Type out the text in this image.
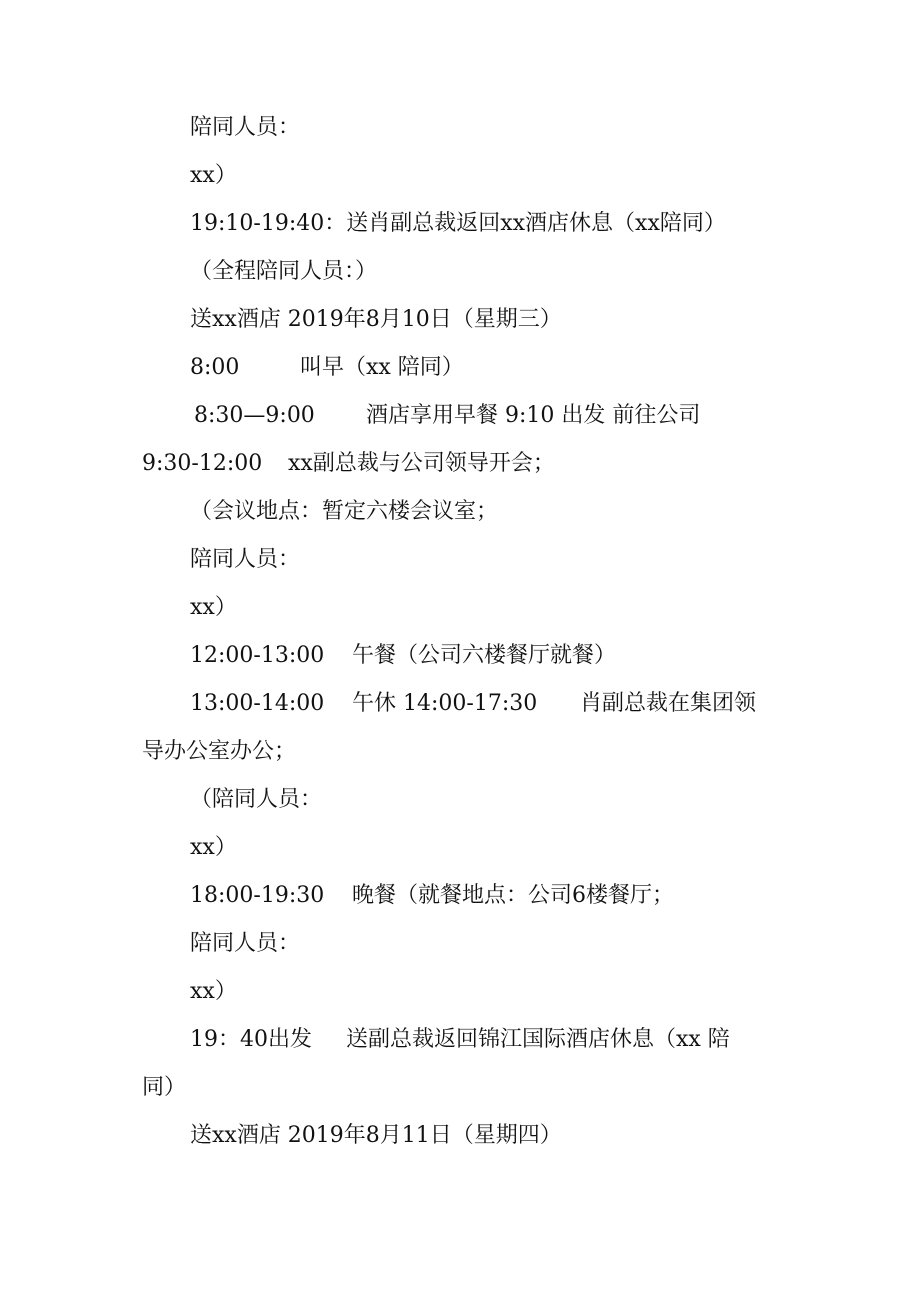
陪同人员：
xx）
19:10-19:40：送肖副总裁返回xx酒店休息（xx陪同）
（全程陪同人员：）
送xx酒店 2019年8月10日（星期三）
8:00	叫早（xx 陪同）
8:30—9:00 酒店享用早餐 9:10 出发 前往公司
9:30-12:00 xx副总裁与公司领导开会；
（会议地点：暂定六楼会议室；
陪同人员：
xx）
12:00-13:00 午餐（公司六楼餐厅就餐）
13:00-14:00 午休 14:00-17:30 肖副总裁在集团领
导办公室办公；
（陪同人员：
xx）
18:00-19:30 晚餐（就餐地点：公司6楼餐厅；
陪同人员：
xx）
19：40出发 送副总裁返回锦江国际酒店休息（xx 陪
同）
送xx酒店 2019年8月11日（星期四）
